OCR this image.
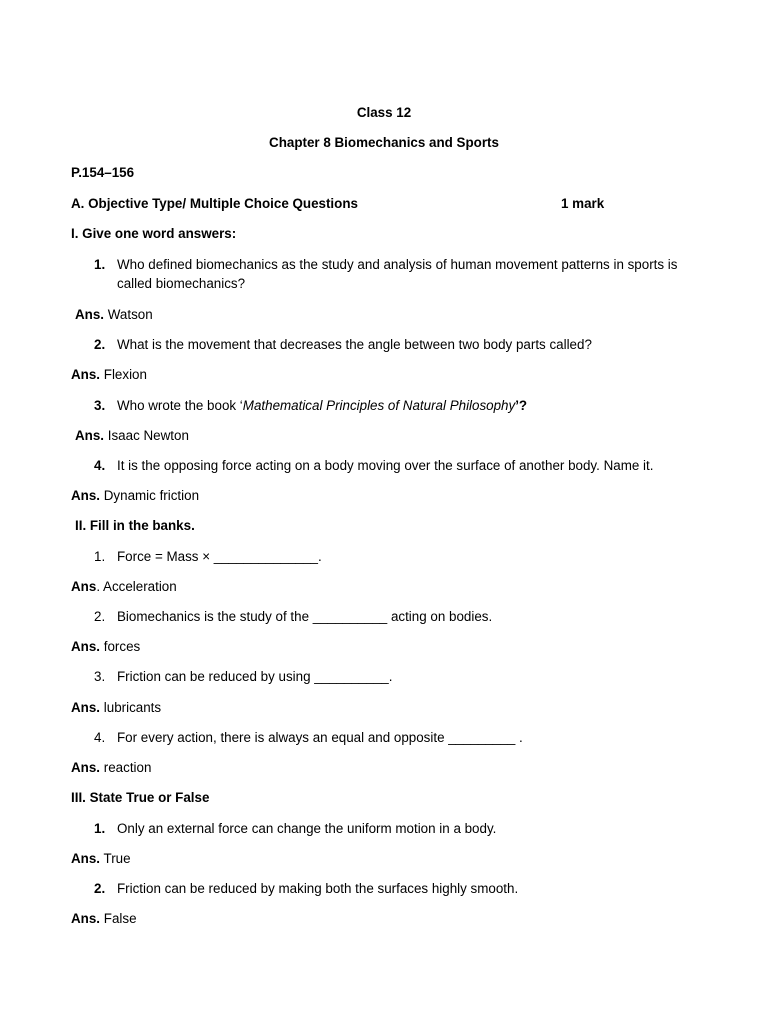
Class 12
Chapter 8 Biomechanics and Sports
P.154–156
A. Objective Type/ Multiple Choice Questions	1 mark
I. Give one word answers:
1. Who defined biomechanics as the study and analysis of human movement patterns in sports is
called biomechanics?
Ans. Watson
2. What is the movement that decreases the angle between two body parts called?
Ans. Flexion
3. Who wrote the book ‘Mathematical Principles of Natural Philosophy’?
Ans. Isaac Newton
4. It is the opposing force acting on a body moving over the surface of another body. Name it.
Ans. Dynamic friction
II. Fill in the banks.
1. Force = Mass × ______________.
Ans. Acceleration
2. Biomechanics is the study of the __________ acting on bodies.
Ans. forces
3. Friction can be reduced by using __________.
Ans. lubricants
4. For every action, there is always an equal and opposite _________ .
Ans. reaction
III. State True or False
1. Only an external force can change the uniform motion in a body.
Ans. True
2. Friction can be reduced by making both the surfaces highly smooth.
Ans. False
